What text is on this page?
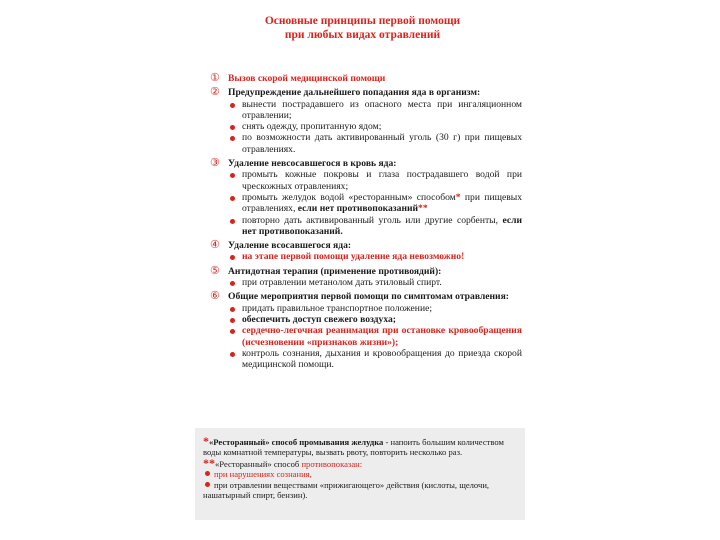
Основные принципы первой помощи
при любых видах отравлений
① Вызов скорой медицинской помощи
② Предупреждение дальнейшего попадания яда в организм:
вынести пострадавшего из опасного места при ингаляционном отравлении;
снять одежду, пропитанную ядом;
по возможности дать активированный уголь (30 г) при пищевых отравлениях.
③ Удаление невсосавшегося в кровь яда:
промыть кожные покровы и глаза пострадавшего водой при чрескожных отравлениях;
промыть желудок водой «ресторанным» способом* при пищевых отравлениях, если нет противопоказаний**
повторно дать активированный уголь или другие сорбенты, если нет противопоказаний.
④ Удаление всосавшегося яда:
на этапе первой помощи удаление яда невозможно!
⑤ Антидотная терапия (применение противоядий):
при отравлении метанолом дать этиловый спирт.
⑥ Общие мероприятия первой помощи по симптомам отравления:
придать правильное транспортное положение;
обеспечить доступ свежего воздуха;
сердечно-легочная реанимация при остановке кровообращения (исчезновении «признаков жизни»);
контроль сознания, дыхания и кровообращения до приезда скорой медицинской помощи.
*«Ресторанный» способ промывания желудка - напоить большим количеством воды комнатной температуры, вызвать рвоту, повторить несколько раз.
**«Ресторанный» способ противопоказан:
при нарушениях сознания,
при отравлении веществами «прижигающего» действия (кислоты, щелочи, нашатырный спирт, бензин).
